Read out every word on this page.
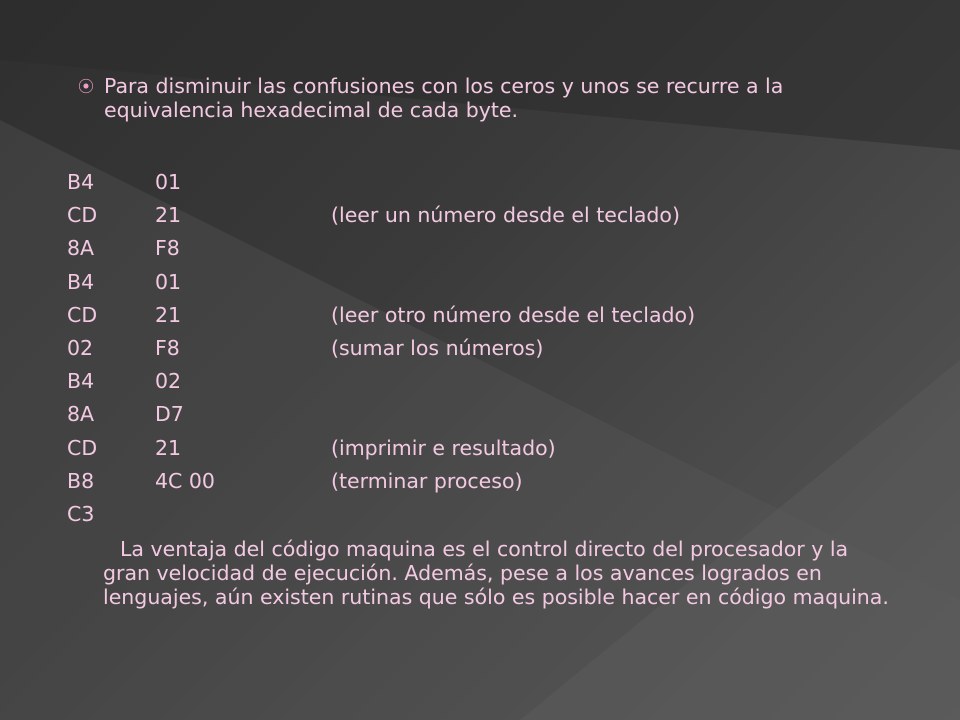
⦿ Para disminuir las confusiones con los ceros y unos se recurre a la equivalencia hexadecimal de cada byte.
B4	01
CD	21	(leer un número desde el teclado)
8A	F8
B4	01
CD	21	(leer otro número desde el teclado)
02	F8	(sumar los números)
B4	02
8A	D7
CD	21	(imprimir e resultado)
B8	4C 00	(terminar proceso)
C3
La ventaja del código maquina es el control directo del procesador y la gran velocidad de ejecución. Además, pese a los avances logrados en lenguajes, aún existen rutinas que sólo es posible hacer en código maquina.
